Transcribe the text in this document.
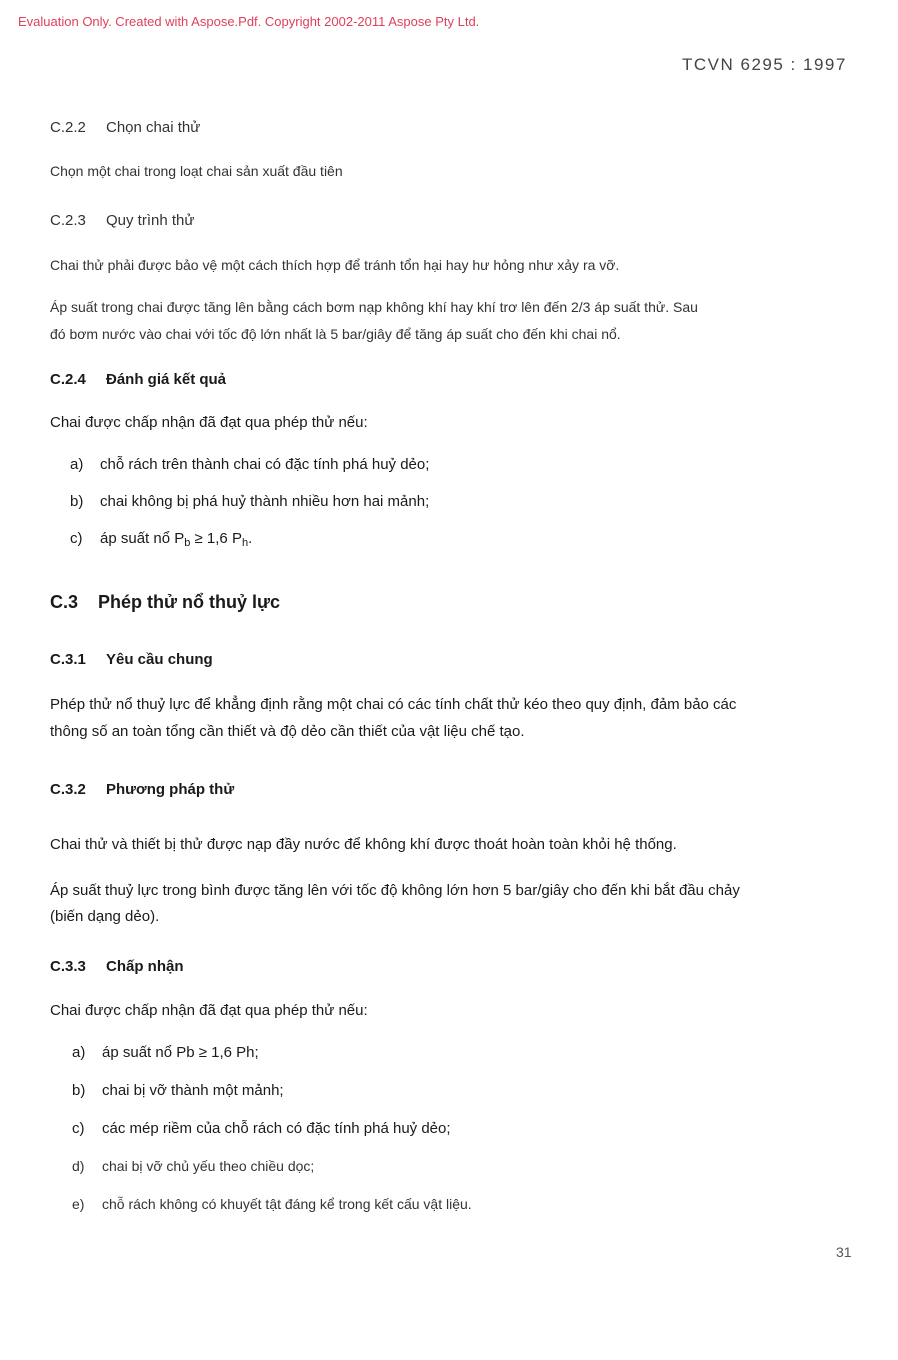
Evaluation Only. Created with Aspose.Pdf. Copyright 2002-2011 Aspose Pty Ltd.
TCVN 6295 : 1997
C.2.2 Chọn chai thử
Chọn một chai trong loạt chai sản xuất đầu tiên
C.2.3 Quy trình thử
Chai thử phải được bảo vệ một cách thích hợp để tránh tổn hại hay hư hỏng như xảy ra vỡ.
Áp suất trong chai được tăng lên bằng cách bơm nạp không khí hay khí trơ lên đến 2/3 áp suất thử. Sau
đó bơm nước vào chai với tốc độ lớn nhất là 5 bar/giây để tăng áp suất cho đến khi chai nổ.
C.2.4 Đánh giá kết quả
Chai được chấp nhận đã đạt qua phép thử nếu:
a) chỗ rách trên thành chai có đặc tính phá huỷ dẻo;
b) chai không bị phá huỷ thành nhiều hơn hai mảnh;
c) áp suất nổ $P_b \ge 1,6$ $P_h$.
C.3 Phép thử nổ thuỷ lực
C.3.1 Yêu cầu chung
Phép thử nổ thuỷ lực để khẳng định rằng một chai có các tính chất thử kéo theo quy định, đảm bảo các
thông số an toàn tổng cần thiết và độ dẻo cần thiết của vật liệu chế tạo.
C.3.2 Phương pháp thử
Chai thử và thiết bị thử được nạp đầy nước để không khí được thoát hoàn toàn khỏi hệ thống.
Áp suất thuỷ lực trong bình được tăng lên với tốc độ không lớn hơn 5 bar/giây cho đến khi bắt đầu chảy
(biến dạng dẻo).
C.3.3 Chấp nhận
Chai được chấp nhận đã đạt qua phép thử nếu:
a) áp suất nổ Pb ≥ 1,6 Ph;
b) chai bị vỡ thành một mảnh;
c) các mép riềm của chỗ rách có đặc tính phá huỷ dẻo;
d) chai bị vỡ chủ yếu theo chiều dọc;
e) chỗ rách không có khuyết tật đáng kể trong kết cấu vật liệu.
31
